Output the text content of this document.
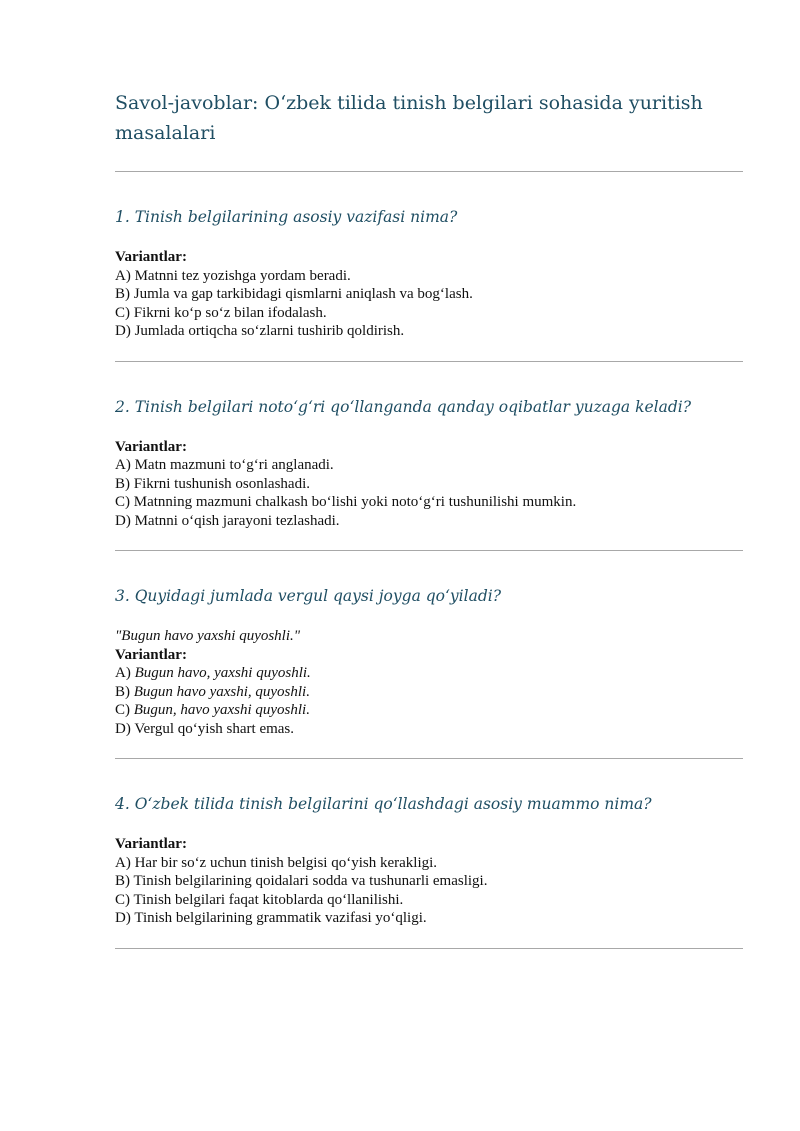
Savol-javoblar: O‘zbek tilida tinish belgilari sohasida yuritish masalalari
1. Tinish belgilarining asosiy vazifasi nima?
Variantlar:
A) Matnni tez yozishga yordam beradi.
B) Jumla va gap tarkibidagi qismlarni aniqlash va bog‘lash.
C) Fikrni ko‘p so‘z bilan ifodalash.
D) Jumlada ortiqcha so‘zlarni tushirib qoldirish.
2. Tinish belgilari noto‘g‘ri qo‘llanganda qanday oqibatlar yuzaga keladi?
Variantlar:
A) Matn mazmuni to‘g‘ri anglanadi.
B) Fikrni tushunish osonlashadi.
C) Matnning mazmuni chalkash bo‘lishi yoki noto‘g‘ri tushunilishi mumkin.
D) Matnni o‘qish jarayoni tezlashadi.
3. Quyidagi jumlada vergul qaysi joyga qo‘yiladi?
"Bugun havo yaxshi quyoshli."
Variantlar:
A) Bugun havo, yaxshi quyoshli.
B) Bugun havo yaxshi, quyoshli.
C) Bugun, havo yaxshi quyoshli.
D) Vergul qo‘yish shart emas.
4. O‘zbek tilida tinish belgilarini qo‘llashdagi asosiy muammo nima?
Variantlar:
A) Har bir so‘z uchun tinish belgisi qo‘yish kerakligi.
B) Tinish belgilarining qoidalari sodda va tushunarli emasligi.
C) Tinish belgilari faqat kitoblarda qo‘llanilishi.
D) Tinish belgilarining grammatik vazifasi yo‘qligi.
